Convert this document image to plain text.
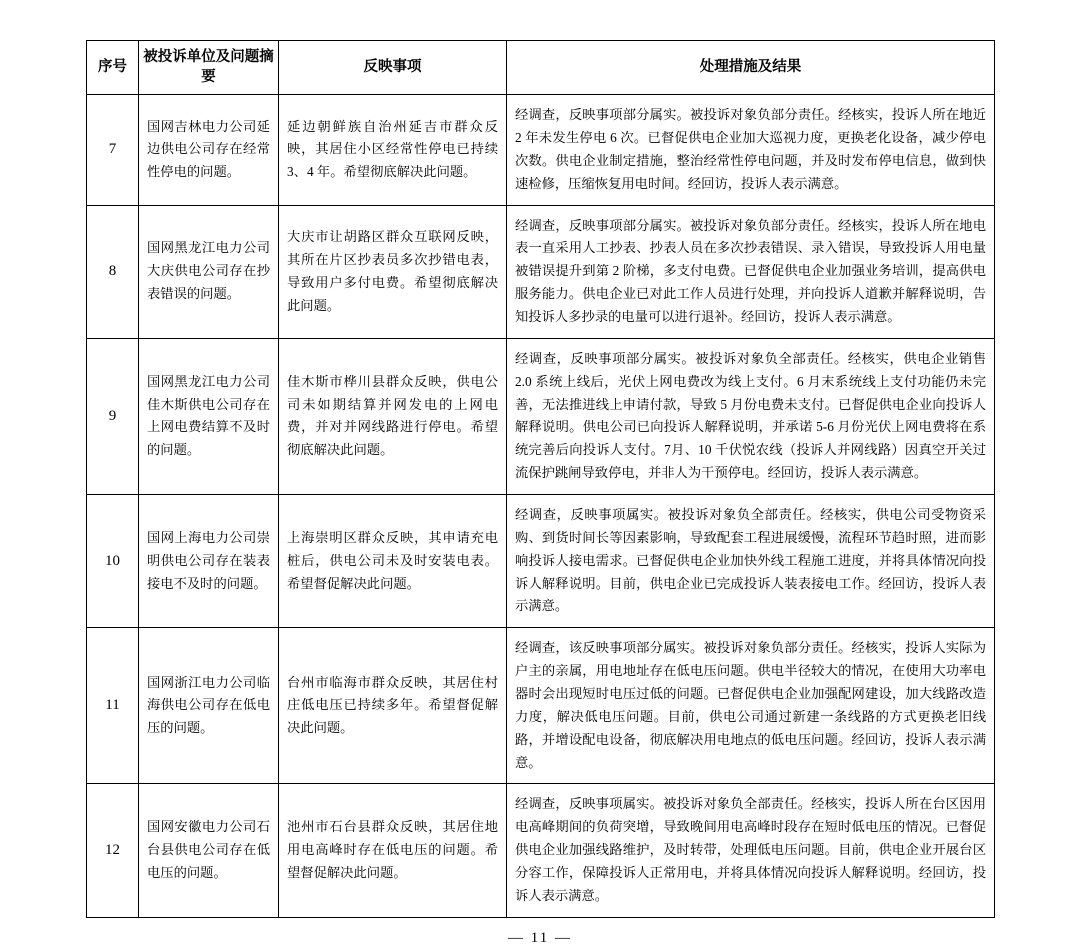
序号	被投诉单位及问题摘要	反映事项	处理措施及结果
7	国网吉林电力公司延边供电公司存在经常性停电的问题。	延边朝鲜族自治州延吉市群众反映，其居住小区经常性停电已持续 3、4 年。希望彻底解决此问题。	经调查，反映事项部分属实。被投诉对象负部分责任。经核实，投诉人所在地近 2 年未发生停电 6 次。已督促供电企业加大巡视力度，更换老化设备，减少停电次数。供电企业制定措施，整治经常性停电问题，并及时发布停电信息，做到快速检修，压缩恢复用电时间。经回访，投诉人表示满意。
8	国网黑龙江电力公司大庆供电公司存在抄表错误的问题。	大庆市让胡路区群众互联网反映，其所在片区抄表员多次抄错电表，导致用户多付电费。希望彻底解决此问题。	经调查，反映事项部分属实。被投诉对象负部分责任。经核实，投诉人所在地电表一直采用人工抄表、抄表人员在多次抄表错误、录入错误，导致投诉人用电量被错误提升到第 2 阶梯，多支付电费。已督促供电企业加强业务培训，提高供电服务能力。供电企业已对此工作人员进行处理，并向投诉人道歉并解释说明，告知投诉人多抄录的电量可以进行退补。经回访，投诉人表示满意。
9	国网黑龙江电力公司佳木斯供电公司存在上网电费结算不及时的问题。	佳木斯市桦川县群众反映，供电公司未如期结算并网发电的上网电费，并对并网线路进行停电。希望彻底解决此问题。	经调查，反映事项部分属实。被投诉对象负全部责任。经核实，供电企业销售 2.0 系统上线后，光伏上网电费改为线上支付。6 月末系统线上支付功能仍未完善，无法推进线上申请付款，导致 5 月份电费未支付。已督促供电企业向投诉人解释说明。供电公司已向投诉人解释说明，并承诺 5-6 月份光伏上网电费将在系统完善后向投诉人支付。7月、10 千伏悦农线（投诉人并网线路）因真空开关过流保护跳闸导致停电，并非人为干预停电。经回访，投诉人表示满意。
10	国网上海电力公司崇明供电公司存在装表接电不及时的问题。	上海崇明区群众反映，其申请充电桩后，供电公司未及时安装电表。希望督促解决此问题。	经调查，反映事项属实。被投诉对象负全部责任。经核实，供电公司受物资采购、到货时间长等因素影响，导致配套工程进展缓慢，流程环节趋时照，进而影响投诉人接电需求。已督促供电企业加快外线工程施工进度，并将具体情况向投诉人解释说明。目前，供电企业已完成投诉人装表接电工作。经回访，投诉人表示满意。
11	国网浙江电力公司临海供电公司存在低电压的问题。	台州市临海市群众反映，其居住村庄低电压已持续多年。希望督促解决此问题。	经调查，该反映事项部分属实。被投诉对象负部分责任。经核实，投诉人实际为户主的亲属，用电地址存在低电压问题。供电半径较大的情况，在使用大功率电器时会出现短时电压过低的问题。已督促供电企业加强配网建设，加大线路改造力度，解决低电压问题。目前，供电公司通过新建一条线路的方式更换老旧线路，并增设配电设备，彻底解决用电地点的低电压问题。经回访，投诉人表示满意。
12	国网安徽电力公司石台县供电公司存在低电压的问题。	池州市石台县群众反映，其居住地用电高峰时存在低电压的问题。希望督促解决此问题。	经调查，反映事项属实。被投诉对象负全部责任。经核实，投诉人所在台区因用电高峰期间的负荷突增，导致晚间用电高峰时段存在短时低电压的情况。已督促供电企业加强线路维护，及时转带，处理低电压问题。目前，供电企业开展台区分容工作，保障投诉人正常用电，并将具体情况向投诉人解释说明。经回访，投诉人表示满意。
— 11 —
